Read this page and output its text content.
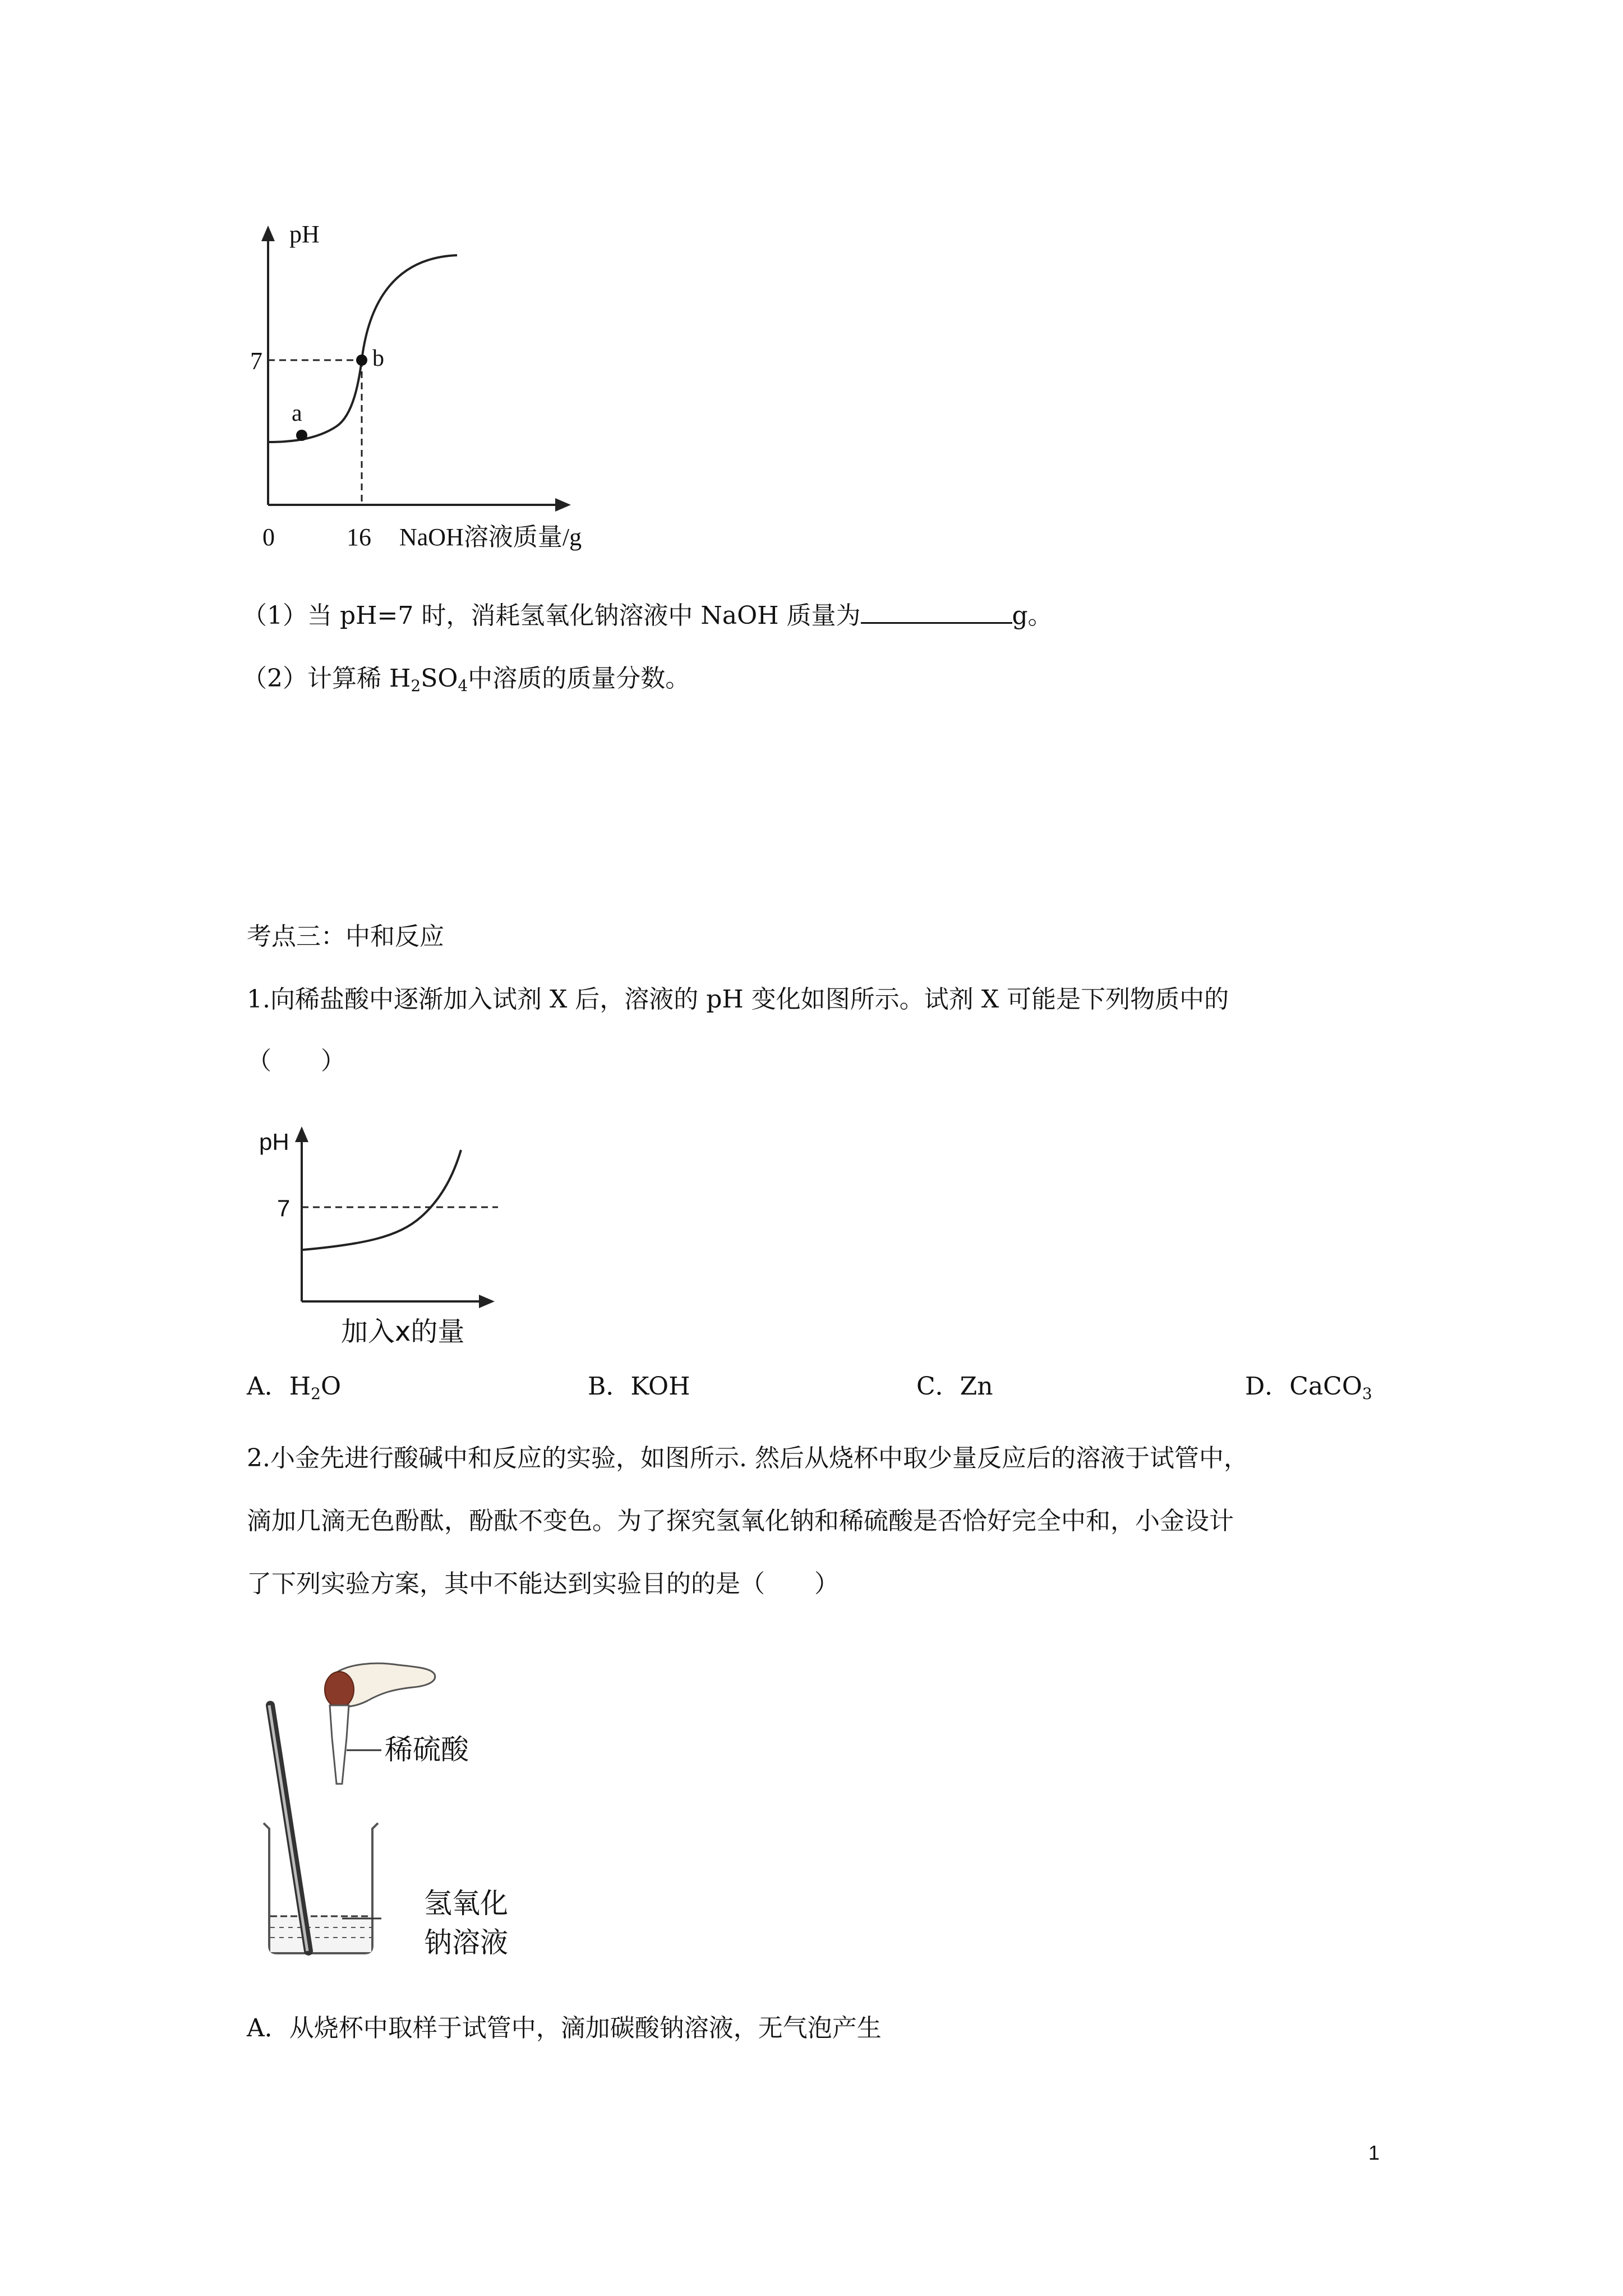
pH
7
a
b
0	16 NaOH溶液质量/g
（1）当 pH=7 时，消耗氢氧化钠溶液中 NaOH 质量为	g。
（2）计算稀 $H_2SO_4$中溶质的质量分数。
考点三：中和反应
1.向稀盐酸中逐渐加入试剂 X 后，溶液的 pH 变化如图所示。试剂 X 可能是下列物质中的
（　　）
pH
7
加入x的量
A．$H_2O$	B．KOH	C．Zn	D．CaCO$_3$
2.小金先进行酸碱中和反应的实验，如图所示. 然后从烧杯中取少量反应后的溶液于试管中，
滴加几滴无色酚酞，酚酞不变色。为了探究氢氧化钠和稀硫酸是否恰好完全中和，小金设计
了下列实验方案，其中不能达到实验目的的是（　　）
稀硫酸
氢氧化
钠溶液
A．从烧杯中取样于试管中，滴加碳酸钠溶液，无气泡产生
1
